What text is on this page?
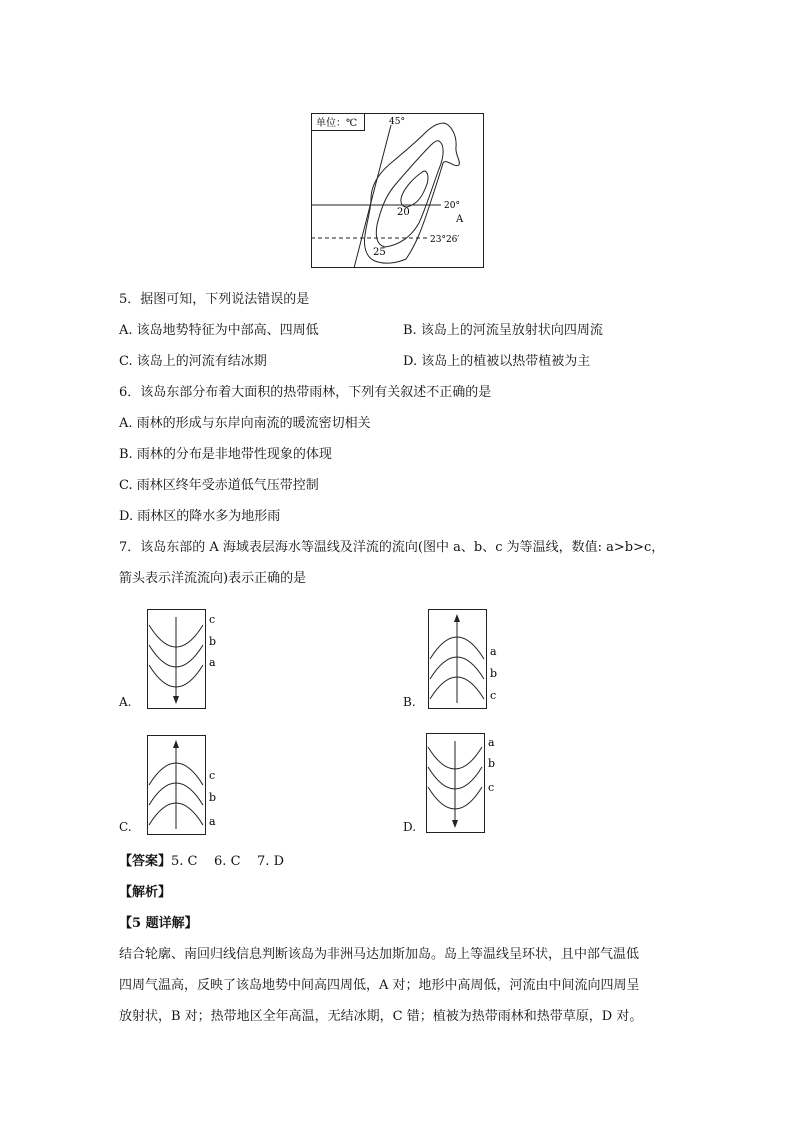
单位：℃	45°
20
25
20°
A
23°26′
5．据图可知，下列说法错误的是
A. 该岛地势特征为中部高、四周低	B. 该岛上的河流呈放射状向四周流
C. 该岛上的河流有结冰期	D. 该岛上的植被以热带植被为主
6．该岛东部分布着大面积的热带雨林，下列有关叙述不正确的是
A. 雨林的形成与东岸向南流的暖流密切相关
B. 雨林的分布是非地带性现象的体现
C. 雨林区终年受赤道低气压带控制
D. 雨林区的降水多为地形雨
7．该岛东部的 A 海域表层海水等温线及洋流的流向(图中 a、b、c 为等温线，数值: a>b>c，
箭头表示洋流流向)表示正确的是
c
b
a
A.
a
b
c
B.
c
b
a
C.
a
b
c
D.
【答案】5. C    6. C    7. D
【解析】
【5 题详解】
结合轮廓、南回归线信息判断该岛为非洲马达加斯加岛。岛上等温线呈环状，且中部气温低
四周气温高，反映了该岛地势中间高四周低，A 对；地形中高周低，河流由中间流向四周呈
放射状，B 对；热带地区全年高温，无结冰期，C 错；植被为热带雨林和热带草原，D 对。
